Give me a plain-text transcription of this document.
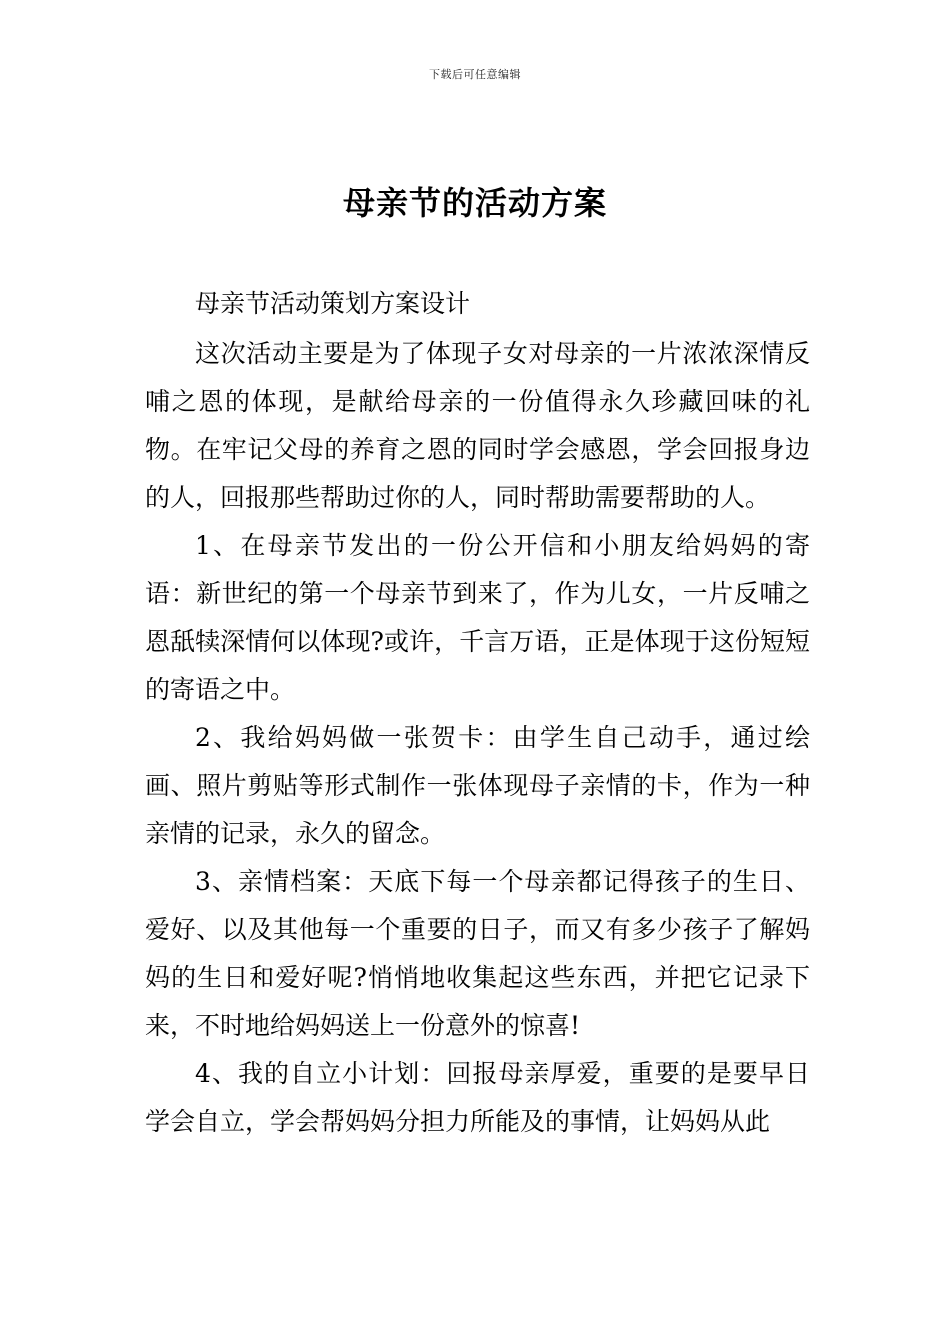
下载后可任意编辑
母亲节的活动方案

母亲节活动策划方案设计

这次活动主要是为了体现子女对母亲的一片浓浓深情反哺之恩的体现，是献给母亲的一份值得永久珍藏回味的礼物。在牢记父母的养育之恩的同时学会感恩，学会回报身边的人，回报那些帮助过你的人，同时帮助需要帮助的人。

1、在母亲节发出的一份公开信和小朋友给妈妈的寄语：新世纪的第一个母亲节到来了，作为儿女，一片反哺之恩舐犊深情何以体现?或许，千言万语，正是体现于这份短短的寄语之中。

2、我给妈妈做一张贺卡：由学生自己动手，通过绘画、照片剪贴等形式制作一张体现母子亲情的卡，作为一种亲情的记录，永久的留念。

3、亲情档案：天底下每一个母亲都记得孩子的生日、爱好、以及其他每一个重要的日子，而又有多少孩子了解妈妈的生日和爱好呢?悄悄地收集起这些东西，并把它记录下来，不时地给妈妈送上一份意外的惊喜!

4、我的自立小计划：回报母亲厚爱，重要的是要早日学会自立，学会帮妈妈分担力所能及的事情，让妈妈从此
